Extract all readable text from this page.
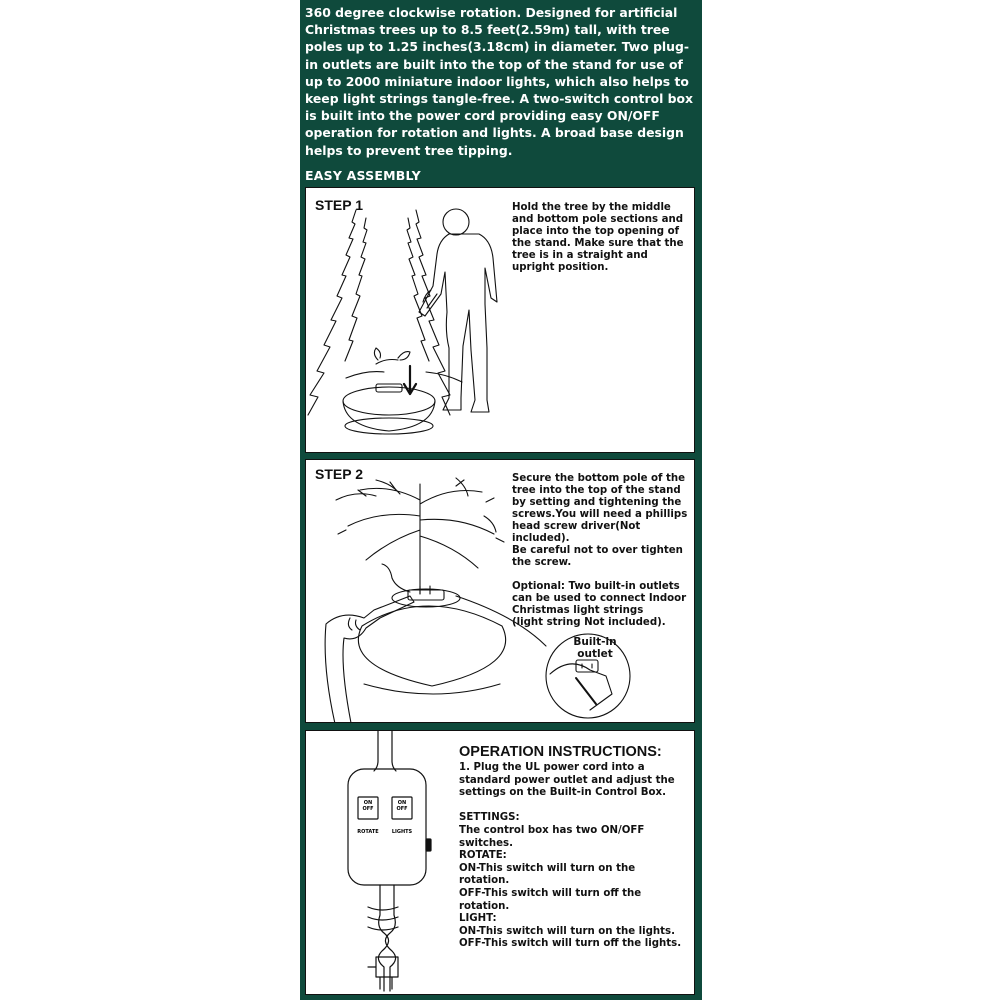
360 degree clockwise rotation. Designed for artificial Christmas trees up to 8.5 feet(2.59m) tall, with tree poles up to 1.25 inches(3.18cm) in diameter. Two plug-in outlets are built into the top of the stand for use of up to 2000 miniature indoor lights, which also helps to keep light strings tangle-free. A two-switch control box is built into the power cord providing easy ON/OFF operation for rotation and lights. A broad base design helps to prevent tree tipping.
EASY ASSEMBLY
STEP 1	Hold the tree by the middle
and bottom pole sections and
place into the top opening of
the stand. Make sure that the
tree is in a straight and
upright position.
STEP 2	Secure the bottom pole of the
tree into the top of the stand
by setting and tightening the
screws.You will need a phillips
head screw driver(Not included).
Be careful not to over tighten
the screw.

Optional: Two built-in outlets
can be used to connect Indoor
Christmas light strings
(light string Not included).
Built-in outlet
ON
OFF
ON
OFF
ROTATE	LIGHTS
OPERATION INSTRUCTIONS:
1. Plug the UL power cord into a
standard power outlet and adjust the
settings on the Built-in Control Box.

SETTINGS:
The control box has two ON/OFF
switches.
ROTATE:
ON-This switch will turn on the
rotation.
OFF-This switch will turn off the
rotation.
LIGHT:
ON-This switch will turn on the lights.
OFF-This switch will turn off the lights.
